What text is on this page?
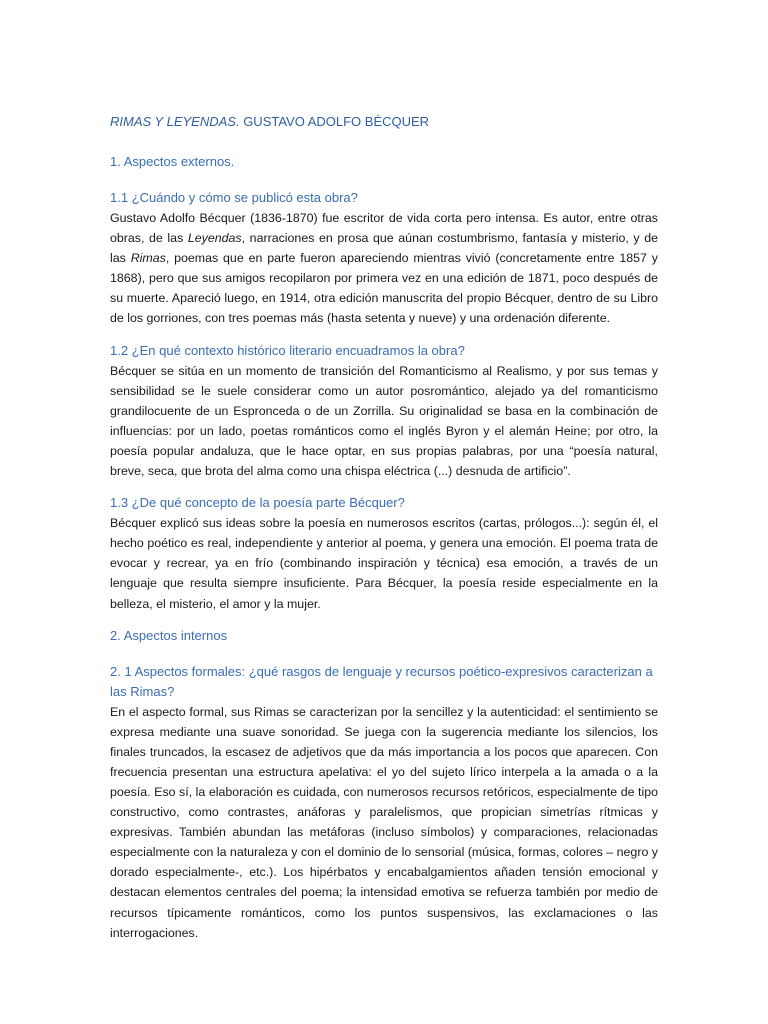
RIMAS Y LEYENDAS. GUSTAVO ADOLFO BÉCQUER
1. Aspectos externos.
1.1 ¿Cuándo y cómo se publicó esta obra?

Gustavo Adolfo Bécquer (1836-1870) fue escritor de vida corta pero intensa. Es autor, entre otras obras, de las Leyendas, narraciones en prosa que aúnan costumbrismo, fantasía y misterio, y de las Rimas, poemas que en parte fueron apareciendo mientras vivió (concretamente entre 1857 y 1868), pero que sus amigos recopilaron por primera vez en una edición de 1871, poco después de su muerte. Apareció luego, en 1914, otra edición manuscrita del propio Bécquer, dentro de su Libro de los gorriones, con tres poemas más (hasta setenta y nueve) y una ordenación diferente.

1.2 ¿En qué contexto histórico literario encuadramos la obra?

Bécquer se sitúa en un momento de transición del Romanticismo al Realismo, y por sus temas y sensibilidad se le suele considerar como un autor posromántico, alejado ya del romanticismo grandilocuente de un Espronceda o de un Zorrilla. Su originalidad se basa en la combinación de influencias: por un lado, poetas románticos como el inglés Byron y el alemán Heine; por otro, la poesía popular andaluza, que le hace optar, en sus propias palabras, por una “poesía natural, breve, seca, que brota del alma como una chispa eléctrica (...) desnuda de artificio”.

1.3 ¿De qué concepto de la poesía parte Bécquer?

Bécquer explicó sus ideas sobre la poesía en numerosos escritos (cartas, prólogos...): según él, el hecho poético es real, independiente y anterior al poema, y genera una emoción. El poema trata de evocar y recrear, ya en frío (combinando inspiración y técnica) esa emoción, a través de un lenguaje que resulta siempre insuficiente. Para Bécquer, la poesía reside especialmente en la belleza, el misterio, el amor y la mujer.

2. Aspectos internos
2. 1 Aspectos formales: ¿qué rasgos de lenguaje y recursos poético-expresivos caracterizan a las Rimas?

En el aspecto formal, sus Rimas se caracterizan por la sencillez y la autenticidad: el sentimiento se expresa mediante una suave sonoridad. Se juega con la sugerencia mediante los silencios, los finales truncados, la escasez de adjetivos que da más importancia a los pocos que aparecen. Con frecuencia presentan una estructura apelativa: el yo del sujeto lírico interpela a la amada o a la poesía. Eso sí, la elaboración es cuidada, con numerosos recursos retóricos, especialmente de tipo constructivo, como contrastes, anáforas y paralelismos, que propician simetrías rítmicas y expresivas. También abundan las metáforas (incluso símbolos) y comparaciones, relacionadas especialmente con la naturaleza y con el dominio de lo sensorial (música, formas, colores – negro y dorado especialmente-, etc.). Los hipérbatos y encabalgamientos añaden tensión emocional y destacan elementos centrales del poema; la intensidad emotiva se refuerza también por medio de recursos típicamente románticos, como los puntos suspensivos, las exclamaciones o las interrogaciones.
